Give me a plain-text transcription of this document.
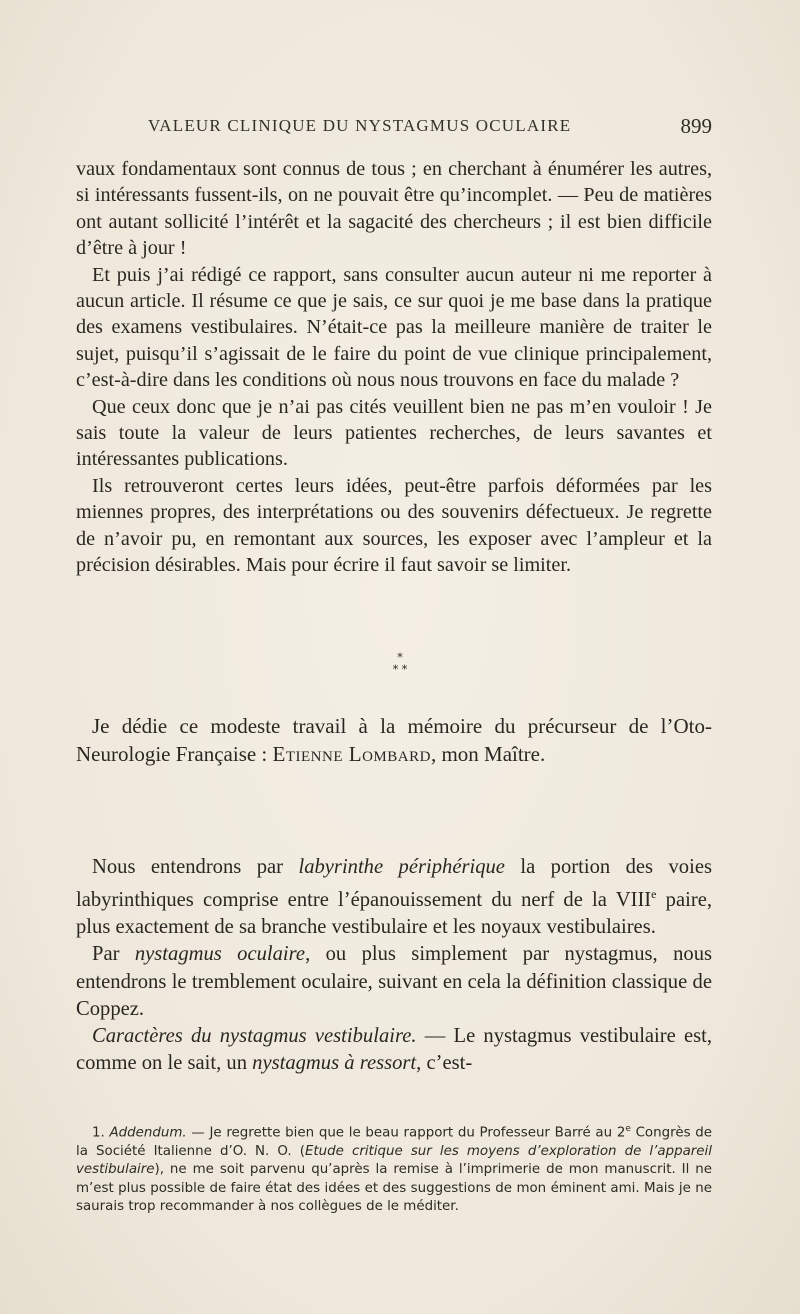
VALEUR CLINIQUE DU NYSTAGMUS OCULAIRE	899

vaux fondamentaux sont connus de tous ; en cherchant à énumérer les autres, si intéressants fussent-ils, on ne pouvait être qu’incomplet. — Peu de matières ont autant sollicité l’intérêt et la sagacité des chercheurs ; il est bien difficile d’être à jour !

Et puis j’ai rédigé ce rapport, sans consulter aucun auteur ni me reporter à aucun article. Il résume ce que je sais, ce sur quoi je me base dans la pratique des examens vestibulaires. N’était-ce pas la meilleure manière de traiter le sujet, puisqu’il s’agissait de le faire du point de vue clinique principalement, c’est-à-dire dans les conditions où nous nous trouvons en face du malade ?

Que ceux donc que je n’ai pas cités veuillent bien ne pas m’en vouloir ! Je sais toute la valeur de leurs patientes recherches, de leurs savantes et intéressantes publications.

Ils retrouveront certes leurs idées, peut-être parfois déformées par les miennes propres, des interprétations ou des souvenirs défectueux. Je regrette de n’avoir pu, en remontant aux sources, les exposer avec l’ampleur et la précision désirables. Mais pour écrire il faut savoir se limiter.

*
* *

Je dédie ce modeste travail à la mémoire du précurseur de l’Oto-Neurologie Française : Etienne Lombard, mon Maître.

Nous entendrons par labyrinthe périphérique la portion des voies labyrinthiques comprise entre l’épanouissement du nerf de la VIIIe paire, plus exactement de sa branche vestibulaire et les noyaux vestibulaires.

Par nystagmus oculaire, ou plus simplement par nystagmus, nous entendrons le tremblement oculaire, suivant en cela la définition classique de Coppez.

Caractères du nystagmus vestibulaire. — Le nystagmus vestibulaire est, comme on le sait, un nystagmus à ressort, c’est-

1. Addendum. — Je regrette bien que le beau rapport du Professeur Barré au 2e Congrès de la Société Italienne d’O. N. O. (Etude critique sur les moyens d’exploration de l’appareil vestibulaire), ne me soit parvenu qu’après la remise à l’imprimerie de mon manuscrit. Il ne m’est plus possible de faire état des idées et des suggestions de mon éminent ami. Mais je ne saurais trop recommander à nos collègues de le méditer.
